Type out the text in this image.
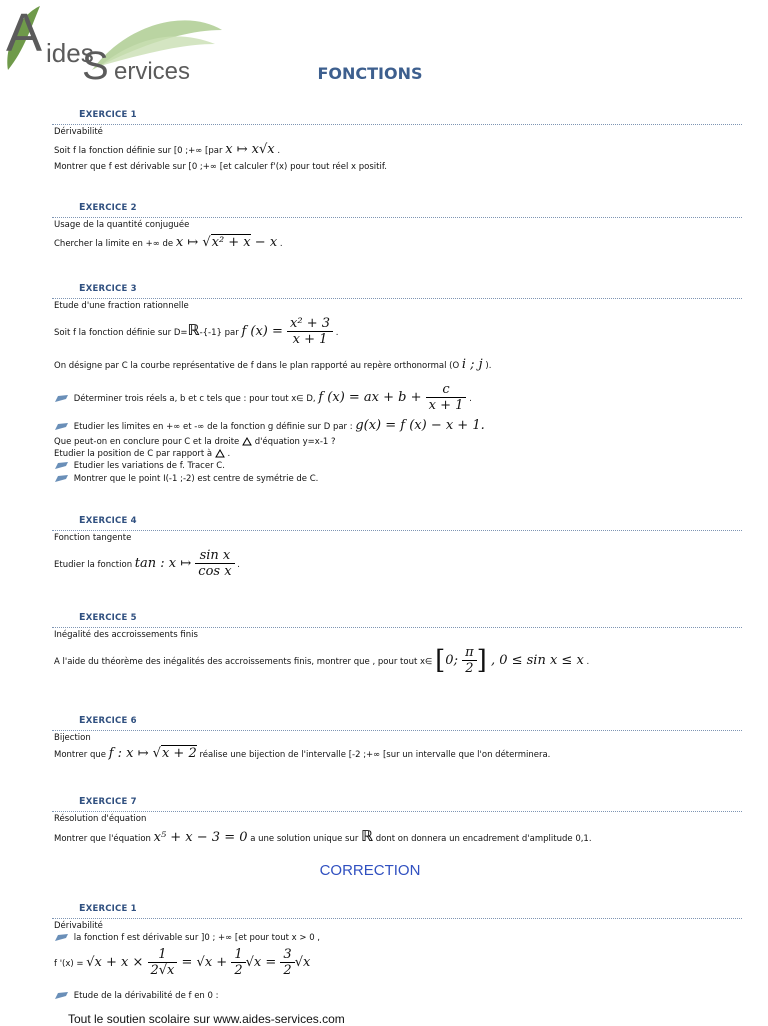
A ides
S ervices	FONCTIONS
EXERCICE 1
Dérivabilité
Soit f la fonction définie sur [0 ;+∞ [par x ↦ x√x .
Montrer que f est dérivable sur [0 ;+∞ [et calculer f'(x) pour tout réel x positif.
EXERCICE 2
Usage de la quantité conjuguée
Chercher la limite en +∞ de x ↦ √x² + x − x .
EXERCICE 3
Etude d'une fraction rationnelle
Soit f la fonction définie sur D=ℝ-{-1} par f $(x) = \frac{\text{x² + 3}}{x + 1}$ .
On désigne par C la courbe représentative de f dans le plan rapporté au repère orthonormal (O i ; j ).
Déterminer trois réels a, b et c tels que : pour tout x∈ D, f (x) = ax + $b + \frac{c}{x + 1}$ .
Etudier les limites en +∞ et -∞ de la fonction g définie sur D par : g(x) = f (x) − x + 1.
Que peut-on en conclure pour C et la droite d'équation y=x-1 ?
Etudier la position de C par rapport à  .
Etudier les variations de f. Tracer C.
Montrer que le point I(-1 ;-2) est centre de symétrie de C.
EXERCICE 4
Fonction tangente
Etudier la fonction tan : x ↦ $\frac{\text{sin x}}{\text{cos x}}$ .
EXERCICE 5
Inégalité des accroissements finis
A l'aide du théorème des inégalités des accroissements finis, montrer que , pour tout x∈ [0; $\frac{\pi}{2}$ ] , 0 ≤ sin x ≤ x .
EXERCICE 6
Bijection
Montrer que f : x ↦ √x + 2 réalise une bijection de l'intervalle [-2 ;+∞ [sur un intervalle que l'on déterminera.
EXERCICE 7
Résolution d'équation
Montrer que l'équation x⁵ + x − 3 = 0 a une solution unique sur ℝ dont on donnera un encadrement d'amplitude 0,1.
CORRECTION
EXERCICE 1
Dérivabilité
la fonction f est dérivable sur ]0 ; +∞ [et pour tout x > 0 ,
f '$(x) = √x + x \times \frac{1}{2√x} = √x + \frac{1}{2} √x = \frac{3}{2} √x$
Etude de la dérivabilité de f en 0 :
Tout le soutien scolaire sur www.aides-services.com
